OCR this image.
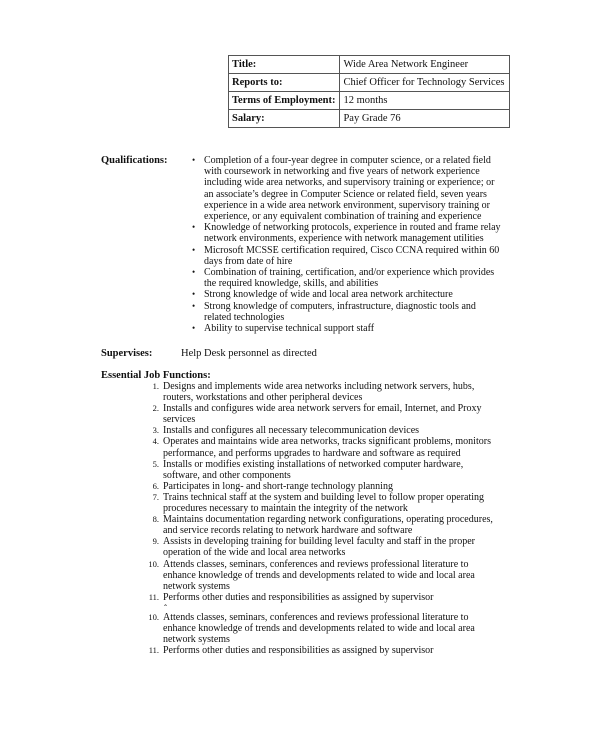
Title:	Wide Area Network Engineer
Reports to:	Chief Officer for Technology Services
Terms of Employment:	12 months
Salary:	Pay Grade 76
Qualifications:	• Completion of a four-year degree in computer science, or a related field
with coursework in networking and five years of network experience
including wide area networks, and supervisory training or experience; or
an associate’s degree in Computer Science or related field, seven years
experience in a wide area network environment, supervisory training or
experience, or any equivalent combination of training and experience
• Knowledge of networking protocols, experience in routed and frame relay
network environments, experience with network management utilities
• Microsoft MCSSE certification required, Cisco CCNA required within 60
days from date of hire
• Combination of training, certification, and/or experience which provides
the required knowledge, skills, and abilities
• Strong knowledge of wide and local area network architecture
• Strong knowledge of computers, infrastructure, diagnostic tools and
related technologies
• Ability to supervise technical support staff
Supervises:	Help Desk personnel as directed
Essential Job Functions:
1. Designs and implements wide area networks including network servers, hubs,
routers, workstations and other peripheral devices
2. Installs and configures wide area network servers for email, Internet, and Proxy
services
3. Installs and configures all necessary telecommunication devices
4. Operates and maintains wide area networks, tracks significant problems, monitors
performance, and performs upgrades to hardware and software as required
5. Installs or modifies existing installations of networked computer hardware,
software, and other components
6. Participates in long- and short-range technology planning
7. Trains technical staff at the system and building level to follow proper operating
procedures necessary to maintain the integrity of the network
8. Maintains documentation regarding network configurations, operating procedures,
and service records relating to network hardware and software
9. Assists in developing training for building level faculty and staff in the proper
operation of the wide and local area networks
10. Attends classes, seminars, conferences and reviews professional literature to
enhance knowledge of trends and developments related to wide and local area
network systems
11. Performs other duties and responsibilities as assigned by supervisor
ˆ
10. Attends classes, seminars, conferences and reviews professional literature to
enhance knowledge of trends and developments related to wide and local area
network systems
11. Performs other duties and responsibilities as assigned by supervisor
